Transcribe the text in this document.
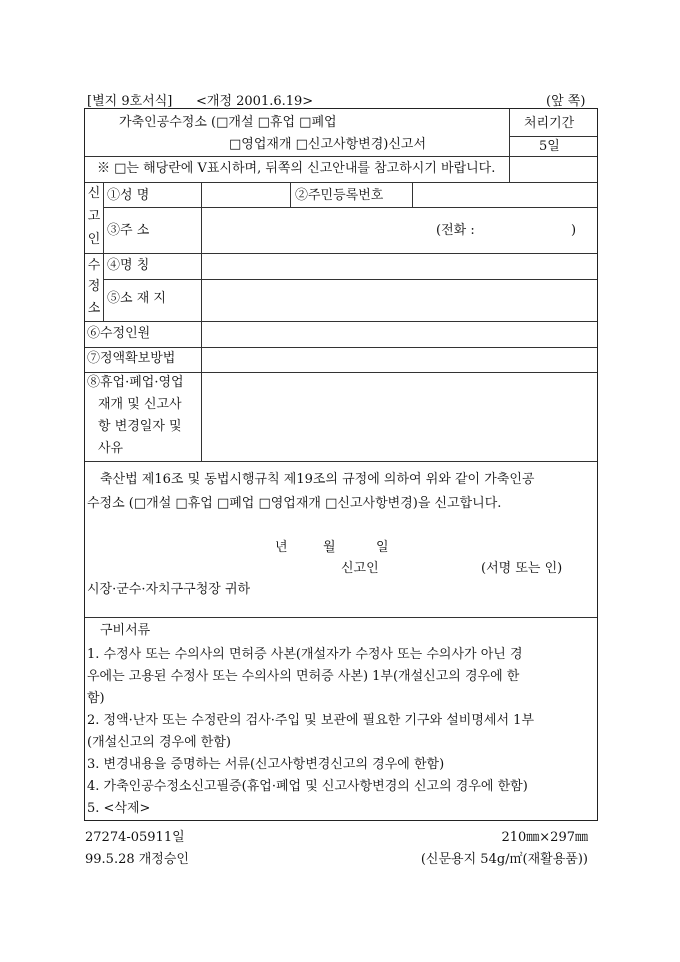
[별지 9호서식] <개정 2001.6.19>	(앞 쪽)
가축인공수정소 (□개설 □휴업 □폐업
□영업재개 □신고사항변경)신고서
처리기간
5일
※ □는 해당란에 V표시하며, 뒤쪽의 신고안내를 참고하시기 바랍니다.
신
고
인
①성 명	②주민등록번호
③주 소	(전화 :	)
수
정
소
④명 칭
⑤소 재 지
⑥수정인원
⑦정액확보방법
⑧휴업·폐업·영업
재개 및 신고사
항 변경일자 및
사유
축산법 제16조 및 동법시행규칙 제19조의 규정에 의하여 위와 같이 가축인공
수정소 (□개설 □휴업 □폐업 □영업재개 □신고사항변경)을 신고합니다.
년	월	일
신고인	(서명 또는 인)
시장·군수·자치구구청장 귀하
구비서류
1. 수정사 또는 수의사의 면허증 사본(개설자가 수정사 또는 수의사가 아닌 경
우에는 고용된 수정사 또는 수의사의 면허증 사본) 1부(개설신고의 경우에 한
함)
2. 정액·난자 또는 수정란의 검사·주입 및 보관에 필요한 기구와 설비명세서 1부
(개설신고의 경우에 한함)
3. 변경내용을 증명하는 서류(신고사항변경신고의 경우에 한함)
4. 가축인공수정소신고필증(휴업·폐업 및 신고사항변경의 신고의 경우에 한함)
5. <삭제>
27274-05911일
99.5.28 개정승인
210㎜×297㎜
(신문용지 54g/㎡(재활용품))
